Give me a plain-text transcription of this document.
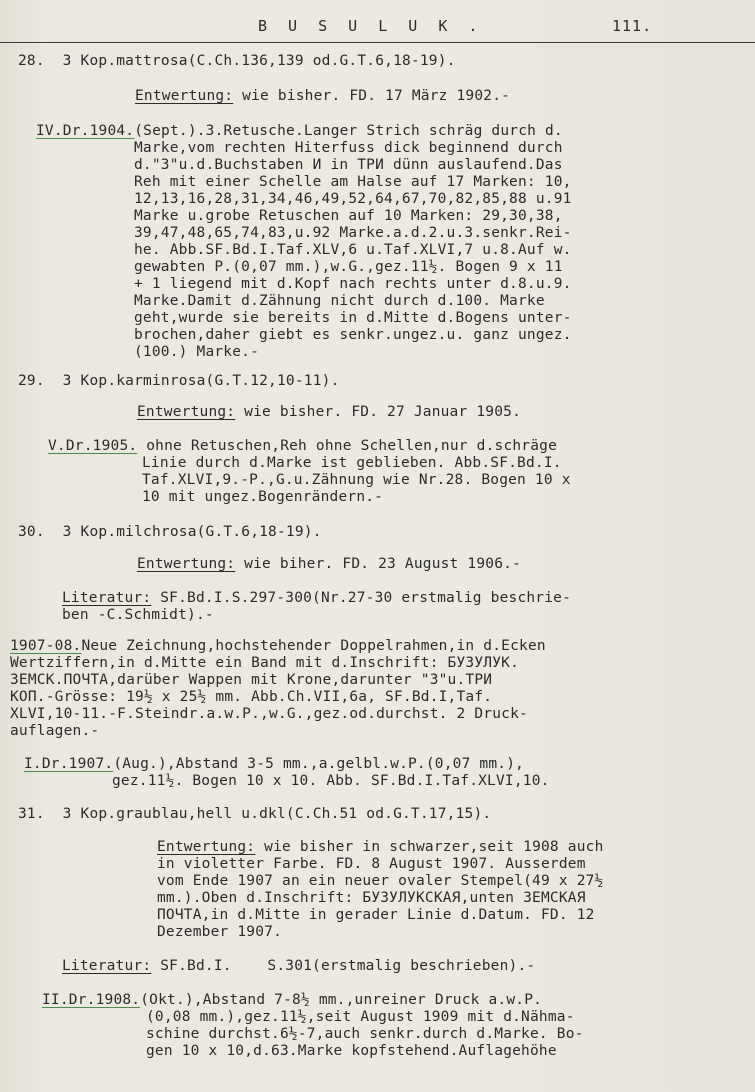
B U S U L U K .	111.
28. 3 Kop.mattrosa(C.Ch.136,139 od.G.T.6,18-19).
Entwertung: wie bisher. FD. 17 März 1902.-
IV.Dr.1904.(Sept.).3.Retusche.Langer Strich schräg durch d.
Marke,vom rechten Hiterfuss dick beginnend durch
d."3"u.d.Buchstaben И in TPИ dünn auslaufend.Das
Reh mit einer Schelle am Halse auf 17 Marken: 10,
12,13,16,28,31,34,46,49,52,64,67,70,82,85,88 u.91
Marke u.grobe Retuschen auf 10 Marken: 29,30,38,
39,47,48,65,74,83,u.92 Marke.a.d.2.u.3.senkr.Rei-
he. Abb.SF.Bd.I.Taf.XLV,6 u.Taf.XLVI,7 u.8.Auf w.
gewabten P.(0,07 mm.),w.G.,gez.11½. Bogen 9 x 11
+ 1 liegend mit d.Kopf nach rechts unter d.8.u.9.
Marke.Damit d.Zähnung nicht durch d.100. Marke
geht,wurde sie bereits in d.Mitte d.Bogens unter-
brochen,daher giebt es senkr.ungez.u. ganz ungez.
(100.) Marke.-
29. 3 Kop.karminrosa(G.T.12,10-11).
Entwertung: wie bisher. FD. 27 Januar 1905.
V.Dr.1905. ohne Retuschen,Reh ohne Schellen,nur d.schräge
Linie durch d.Marke ist geblieben. Abb.SF.Bd.I.
Taf.XLVI,9.-P.,G.u.Zähnung wie Nr.28. Bogen 10 x
10 mit ungez.Bogenrändern.-
30. 3 Kop.milchrosa(G.T.6,18-19).
Entwertung: wie biher. FD. 23 August 1906.-
Literatur: SF.Bd.I.S.297-300(Nr.27-30 erstmalig beschrie-
ben -C.Schmidt).-
1907-08.Neue Zeichnung,hochstehender Doppelrahmen,in d.Ecken
Wertziffern,in d.Mitte ein Band mit d.Inschrift: БУЗУЛУК.
ЗЕМСК.ПОЧТА,darüber Wappen mit Krone,darunter "3"u.ТРИ
КОП.-Grösse: 19½ x 25½ mm. Abb.Ch.VII,6a, SF.Bd.I,Taf.
XLVI,10-11.-F.Steindr.a.w.P.,w.G.,gez.od.durchst. 2 Druck-
auflagen.-
I.Dr.1907.(Aug.),Abstand 3-5 mm.,a.gelbl.w.P.(0,07 mm.),
gez.11½. Bogen 10 x 10. Abb. SF.Bd.I.Taf.XLVI,10.
31. 3 Kop.graublau,hell u.dkl(C.Ch.51 od.G.T.17,15).
Entwertung: wie bisher in schwarzer,seit 1908 auch
in violetter Farbe. FD. 8 August 1907. Ausserdem
vom Ende 1907 an ein neuer ovaler Stempel(49 x 27½
mm.).Oben d.Inschrift: БУЗУЛУКСКАЯ,unten ЗЕМСКАЯ
ПОЧТА,in d.Mitte in gerader Linie d.Datum. FD. 12
Dezember 1907.
Literatur: SF.Bd.I.    S.301(erstmalig beschrieben).-
II.Dr.1908.(Okt.),Abstand 7-8½ mm.,unreiner Druck a.w.P.
(0,08 mm.),gez.11½,seit August 1909 mit d.Nähma-
schine durchst.6½-7,auch senkr.durch d.Marke. Bo-
gen 10 x 10,d.63.Marke kopfstehend.Auflagehöhe
